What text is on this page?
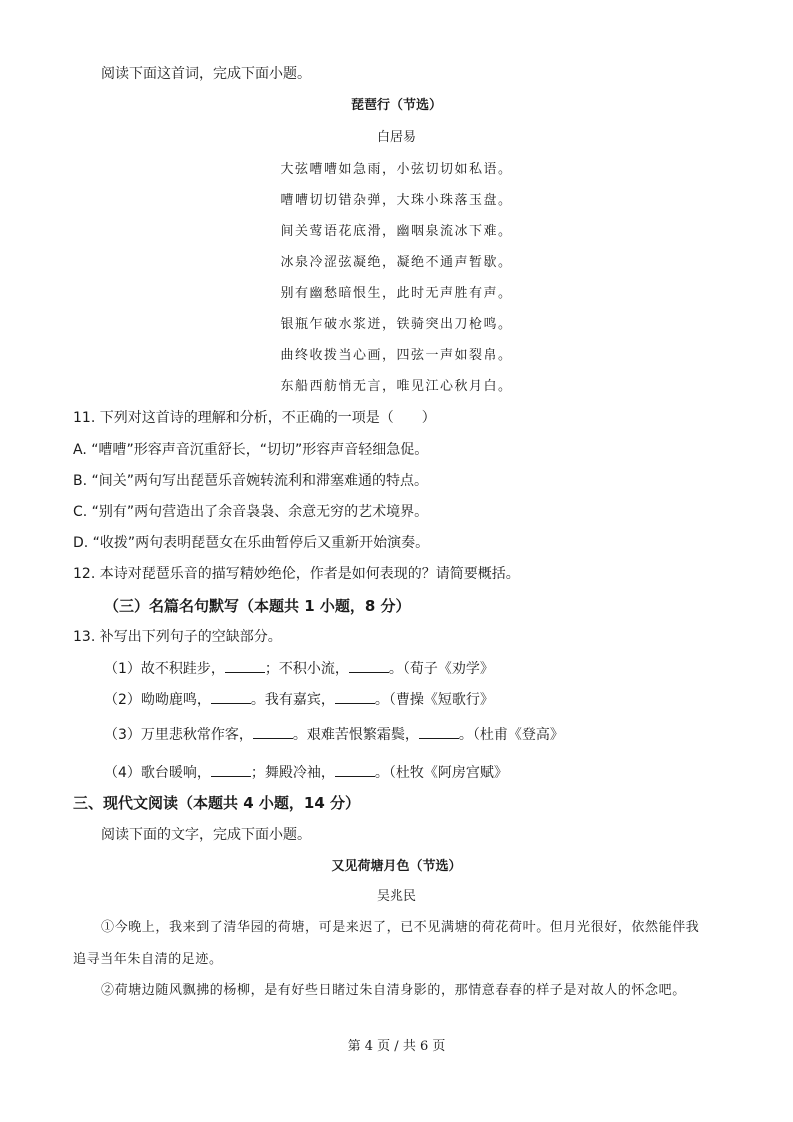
阅读下面这首词，完成下面小题。
琵琶行（节选）
白居易
大弦嘈嘈如急雨，小弦切切如私语。
嘈嘈切切错杂弹，大珠小珠落玉盘。
间关莺语花底滑，幽咽泉流冰下难。
冰泉冷涩弦凝绝，凝绝不通声暂歇。
别有幽愁暗恨生，此时无声胜有声。
银瓶乍破水浆迸，铁骑突出刀枪鸣。
曲终收拨当心画，四弦一声如裂帛。
东船西舫悄无言，唯见江心秋月白。
11. 下列对这首诗的理解和分析，不正确的一项是（　　）
A. “嘈嘈”形容声音沉重舒长，“切切”形容声音轻细急促。
B. “间关”两句写出琵琶乐音婉转流利和滞塞难通的特点。
C. “别有”两句营造出了余音袅袅、余意无穷的艺术境界。
D. “收拨”两句表明琵琶女在乐曲暂停后又重新开始演奏。
12. 本诗对琵琶乐音的描写精妙绝伦，作者是如何表现的？请简要概括。
（三）名篇名句默写（本题共 1 小题，8 分）
13. 补写出下列句子的空缺部分。
（1）故不积跬步，	；不积小流，	。（荀子《劝学》
（2）呦呦鹿鸣，	。我有嘉宾，	。（曹操《短歌行》
（3）万里悲秋常作客，	。艰难苦恨繁霜鬓，	。（杜甫《登高》
（4）歌台暖响，	；舞殿冷袖，	。（杜牧《阿房宫赋》
三、现代文阅读（本题共 4 小题，14 分）
阅读下面的文字，完成下面小题。
又见荷塘月色（节选）
吴兆民
①今晚上，我来到了清华园的荷塘，可是来迟了，已不见满塘的荷花荷叶。但月光很好，依然能伴我
追寻当年朱自清的足迹。
②荷塘边随风飘拂的杨柳，是有好些日睹过朱自清身影的，那情意春春的样子是对故人的怀念吧。
第 4 页 / 共 6 页
